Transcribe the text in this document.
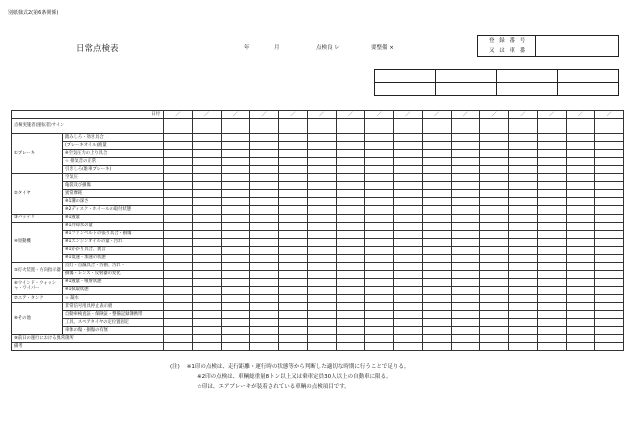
別紙様式2(第6条関係)
日常点検表	年	月	点検良 レ	要整備 ×
登 録 番 号
又 は 車 番

日付		／	／	／	／	／	／	／	／	／	／	／	／	／	／	／	／
点検実施者(運転者)サイン																	
①ブレーキ	踏みしろ・効き具合																
	(ブレーキオイル)液量																
	※空気圧力の上り具合																
	☆ 排気音の正常																
	引きしろ(駐車ブレーキ)																
②タイヤ	空気圧																
	亀裂及び損傷																
	異常摩耗																
	※1溝の深さ																
	※2ディスク・ホイールの取付状態																
③バッテリ	※1液量																
④原動機	※1冷却水の量																
	※1ファンベルトの張り具合・損傷																
	※1エンジンオイルの量・汚れ																
	※1かかり具合、異音																
	※1低速・加速の状態																
⑤灯火装置・方向指示器	点灯・点滅具合・汚損、汚れ・																
	損傷・レンズ・反射器の変化																
⑥ウインド・ウォッシャ・ワイパー	※1液量・噴射状態																
	※1拭取状態																
⑦エア・タンク	☆ 凝水																
⑧その他	非常信号用具停止表示板																
	自動車検査証・保険証・整備記録簿携帯																
	工具、スペアタイヤの定位置固定																
	車体の傷・損傷の有無																
⑨前日の運行における異常箇所																	
備考																	
(注) ※1印の点検は、走行距離・運行時の状態等から判断した適切な時期に行うことで足りる。
※2印の点検は、車輌総重量8トン以上又は乗車定員30人以上の自動車に限る。
☆印は、エアブレーキが装着されている車輌の点検項目です。
